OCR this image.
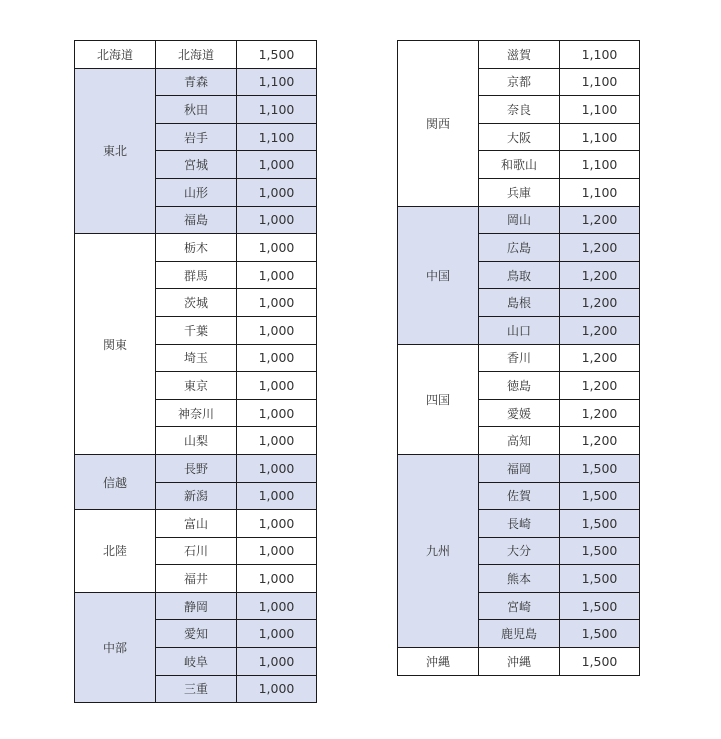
北海道	北海道	1,500
東北	青森	1,100
	秋田	1,100
	岩手	1,100
	宮城	1,000
	山形	1,000
	福島	1,000
関東	栃木	1,000
	群馬	1,000
	茨城	1,000
	千葉	1,000
	埼玉	1,000
	東京	1,000
	神奈川	1,000
	山梨	1,000
信越	長野	1,000
	新潟	1,000
北陸	富山	1,000
	石川	1,000
	福井	1,000
中部	静岡	1,000
	愛知	1,000
	岐阜	1,000
	三重	1,000
関西	滋賀	1,100
	京都	1,100
	奈良	1,100
	大阪	1,100
	和歌山	1,100
	兵庫	1,100
中国	岡山	1,200
	広島	1,200
	鳥取	1,200
	島根	1,200
	山口	1,200
四国	香川	1,200
	徳島	1,200
	愛媛	1,200
	高知	1,200
九州	福岡	1,500
	佐賀	1,500
	長崎	1,500
	大分	1,500
	熊本	1,500
	宮崎	1,500
	鹿児島	1,500
沖縄	沖縄	1,500
